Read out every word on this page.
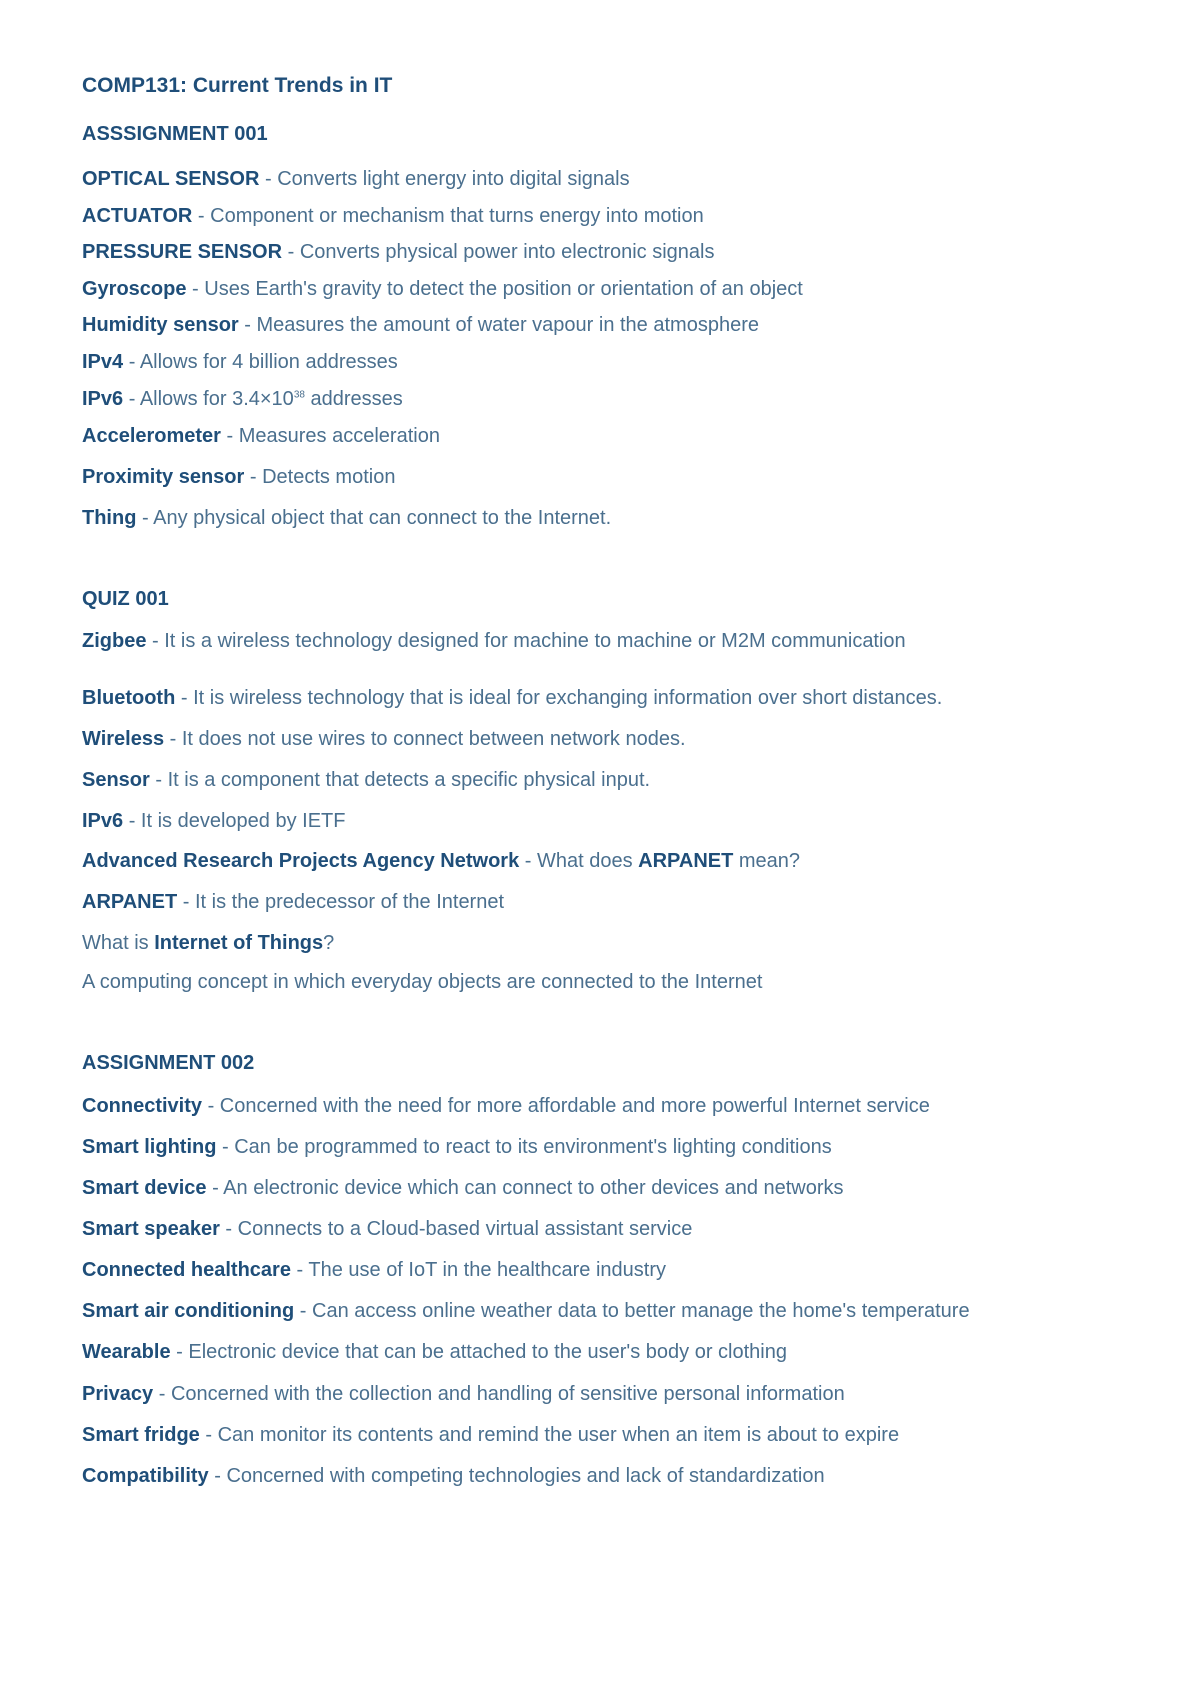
COMP131: Current Trends in IT
ASSSIGNMENT 001
OPTICAL SENSOR - Converts light energy into digital signals
ACTUATOR - Component or mechanism that turns energy into motion
PRESSURE SENSOR - Converts physical power into electronic signals
Gyroscope - Uses Earth's gravity to detect the position or orientation of an object
Humidity sensor - Measures the amount of water vapour in the atmosphere
IPv4 - Allows for 4 billion addresses
IPv6 - Allows for $3.4\times 10^{38}$ addresses
Accelerometer - Measures acceleration
Proximity sensor - Detects motion
Thing - Any physical object that can connect to the Internet.
QUIZ 001
Zigbee - It is a wireless technology designed for machine to machine or M2M communication
Bluetooth - It is wireless technology that is ideal for exchanging information over short distances.
Wireless - It does not use wires to connect between network nodes.
Sensor - It is a component that detects a specific physical input.
IPv6 - It is developed by IETF
Advanced Research Projects Agency Network - What does ARPANET mean?
ARPANET - It is the predecessor of the Internet
What is Internet of Things?
A computing concept in which everyday objects are connected to the Internet
ASSIGNMENT 002
Connectivity - Concerned with the need for more affordable and more powerful Internet service
Smart lighting - Can be programmed to react to its environment's lighting conditions
Smart device - An electronic device which can connect to other devices and networks
Smart speaker - Connects to a Cloud-based virtual assistant service
Connected healthcare - The use of IoT in the healthcare industry
Smart air conditioning - Can access online weather data to better manage the home's temperature
Wearable - Electronic device that can be attached to the user's body or clothing
Privacy - Concerned with the collection and handling of sensitive personal information
Smart fridge - Can monitor its contents and remind the user when an item is about to expire
Compatibility - Concerned with competing technologies and lack of standardization
